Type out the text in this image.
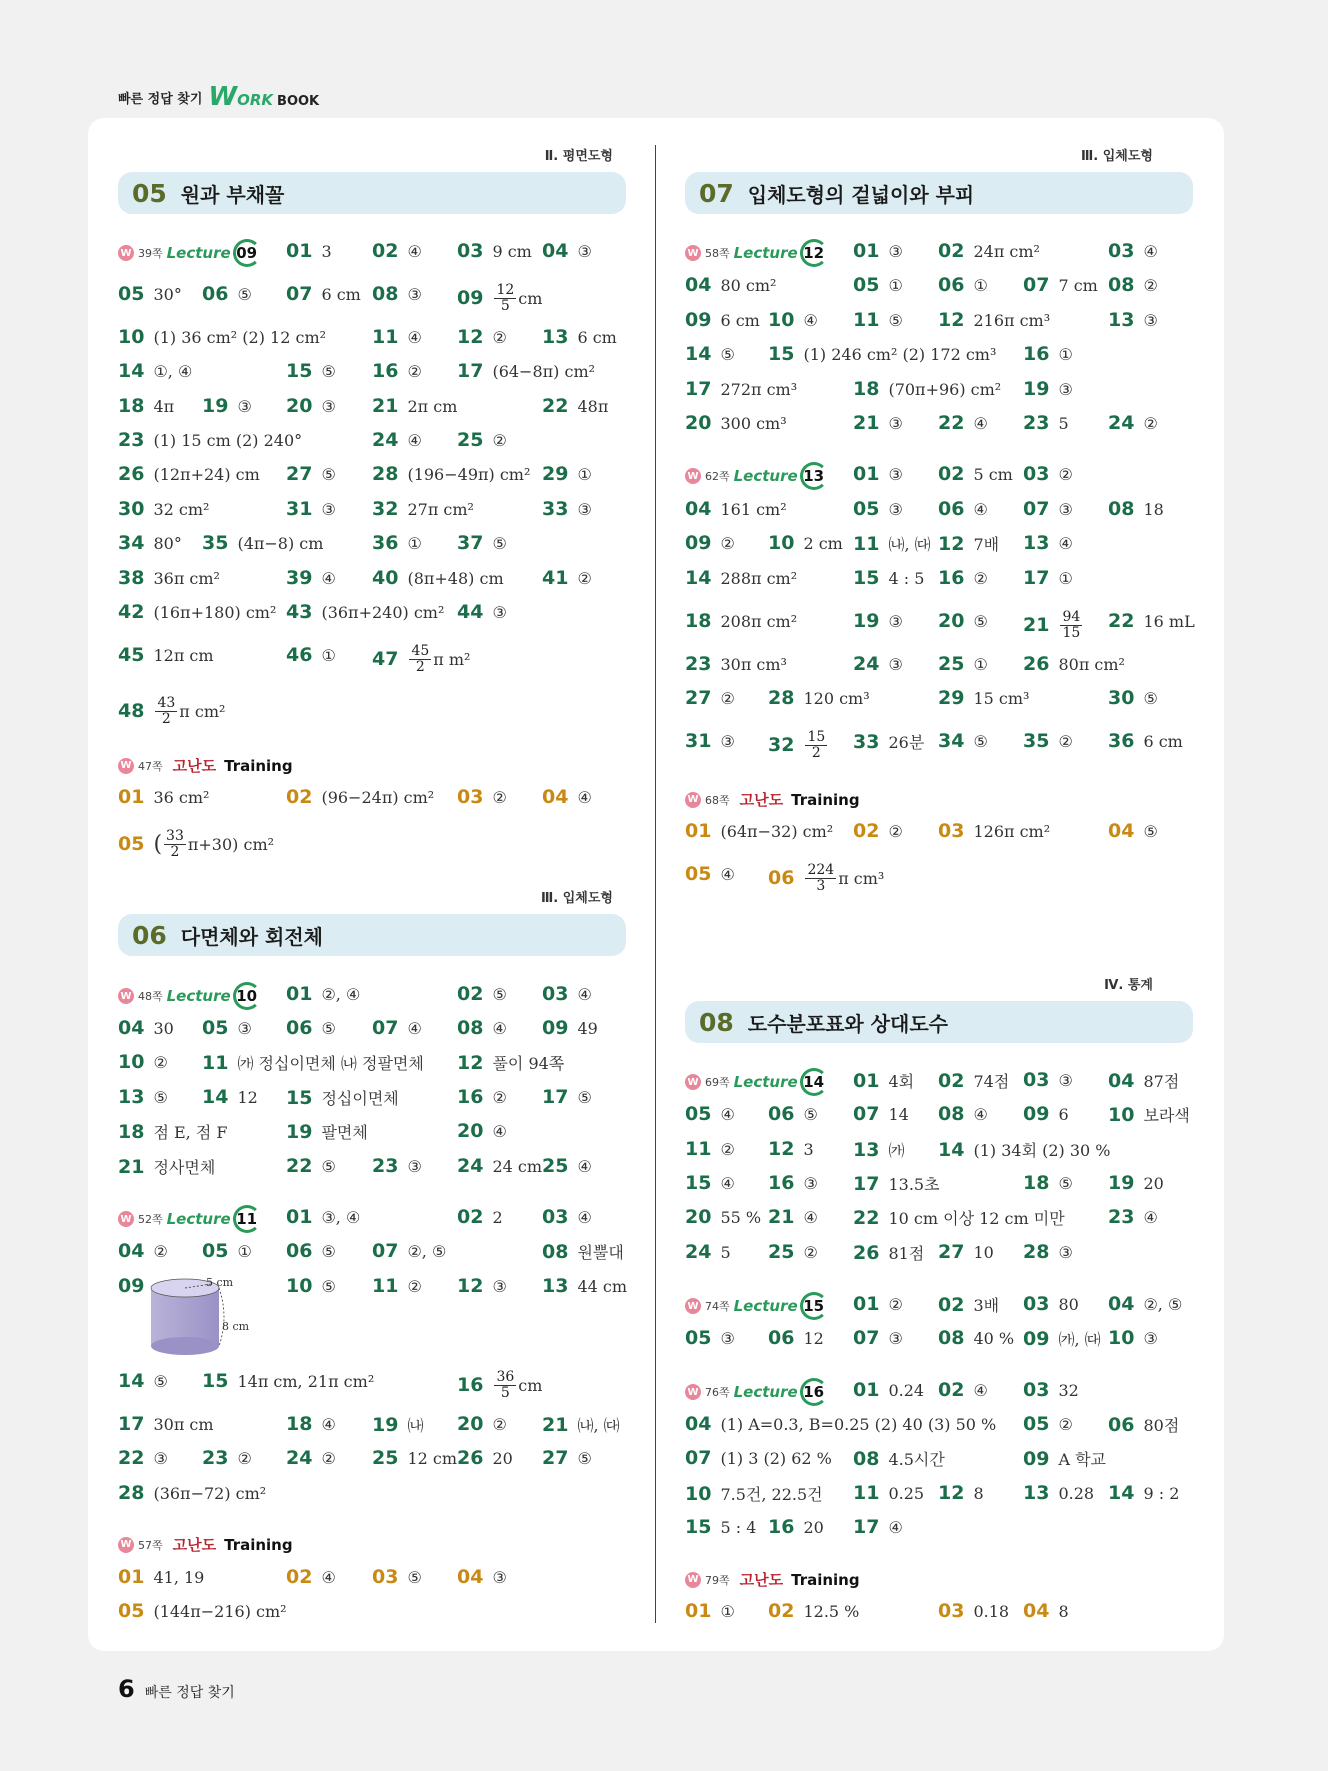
빠른 정답 찾기 W ORK BOOK
Ⅱ. 평면도형
Ⅲ. 입체도형
Ⅲ. 입체도형
Ⅳ. 통계
05 원과 부채꼴
06 다면체와 회전체
07 입체도형의 겉넓이와 부피
08 도수분포표와 상대도수
W 39쪽 Lecture 09
W 47쪽 고난도 Training
W 48쪽 Lecture 10
W 52쪽 Lecture 11
W 57쪽 고난도 Training
W 58쪽 Lecture 12
W 62쪽 Lecture 13
W 68쪽 고난도 Training
W 69쪽 Lecture 14
W 74쪽 Lecture 15
W 76쪽 Lecture 16
W 79쪽 고난도 Training
01 3 02 ④ 03 9 cm 04 ③
05 30° 06 ⑤ 07 6 cm 08 ③ $09 \frac{12}{5}$ cm
10 (1) 36 cm² (2) 12 cm² 11 ④ 12 ② 13 6 cm
14 ①, ④	15 ⑤ 16 ② 17 (64−8π) cm²
18 4π 19 ③ 20 ③ 21 2π cm	22 48π
23 (1) 15 cm (2) 240°	24 ④ 25 ②
26 (12π+24) cm 27 ⑤ 28 (196−49π) cm² 29 ①
30 32 cm²	31 ③ 32 27π cm²	33 ③
34 80° 35 (4π−8) cm	36 ① 37 ⑤
38 36π cm²	39 ④ 40 (8π+48) cm 41 ②
42 (16π+180) cm² 43 (36π+240) cm² 44 ③
45 12π cm	46 ① $47 \frac{45}{2}$ π m²
$48 \frac{43}{2}$ π cm²
01 36 cm²	02 (96−24π) cm² 03 ② 04 ④
05 ( $\frac{33}{2} \pi+30$) cm²
01 ②, ④	02 ⑤ 03 ④
04 30 05 ③ 06 ⑤ 07 ④ 08 ④ 09 49
10 ② 11 ㈎ 정십이면체 ㈏ 정팔면체 12 풀이 94쪽
13 ⑤ 14 12 15 정십이면체	16 ② 17 ⑤
18 점 E, 점 F	19 팔면체	20 ④
21 정사면체	22 ⑤ 23 ③ 24 24 cm 25 ④
01 ③, ④	02 2 03 ④
04 ② 05 ① 06 ⑤ 07 ②, ⑤	08 원뿔대
09	10 ⑤ 11 ② 12 ③ 13 44 cm
14 ⑤ 15 14π cm, 21π cm²	$16 \frac{36}{5}$ cm
17 30π cm	18 ④ 19 ㈏ 20 ② 21 ㈏, ㈐
22 ③ 23 ② 24 ② 25 12 cm 26 20 27 ⑤
28 (36π−72) cm²
01 41, 19	02 ④ 03 ⑤ 04 ③
05 (144π−216) cm²
01 ③ 02 24π cm²	03 ④
04 80 cm²	05 ① 06 ① 07 7 cm 08 ②
09 6 cm 10 ④ 11 ⑤ 12 216π cm³	13 ③
14 ⑤ 15 (1) 246 cm² (2) 172 cm³ 16 ①
17 272π cm³	18 (70π+96) cm² 19 ③
20 300 cm³	21 ③ 22 ④ 23 5 24 ②
01 ③ 02 5 cm 03 ②
04 161 cm²	05 ③ 06 ④ 07 ③ 08 18
09 ② 10 2 cm 11 ㈏, ㈐ 12 7배 13 ④
14 288π cm²	15 4 : 5 16 ② 17 ①
18 208π cm²	19 ③ 20 ⑤ $21 \frac{94}{15} 22$ 16 mL
23 30π cm³	24 ③ 25 ① 26 80π cm²
27 ② 28 120 cm³	29 15 cm³	30 ⑤
31 ③ $32 \frac{15}{2} 33$ 26분 34 ⑤ 35 ② 36 6 cm
01 (64π−32) cm² 02 ② 03 126π cm²	04 ⑤
05 ④ $06 \frac{224}{3}$ π cm³
01 4회 02 74점 03 ③ 04 87점
05 ④ 06 ⑤ 07 14 08 ④ 09 6 10 보라색
11 ② 12 3 13 ㈎ 14 (1) 34회 (2) 30 %
15 ④ 16 ③ 17 13.5초	18 ⑤ 19 20
20 55 % 21 ④ 22 10 cm 이상 12 cm 미만 23 ④
24 5 25 ② 26 81점 27 10 28 ③
01 ② 02 3배 03 80 04 ②, ⑤
05 ③ 06 12 07 ③ 08 40 % 09 ㈎, ㈐ 10 ③
01 0.24 02 ④ 03 32
04 (1) A=0.3, B=0.25 (2) 40 (3) 50 % 05 ② 06 80점
07 (1) 3 (2) 62 % 08 4.5시간	09 A 학교
10 7.5건, 22.5건 11 0.25 12 8 13 0.28 14 9 : 2
15 5 : 4 16 20 17 ④
01 ① 02 12.5 %	03 0.18 04 8
5 cm
8 cm
6 빠른 정답 찾기
